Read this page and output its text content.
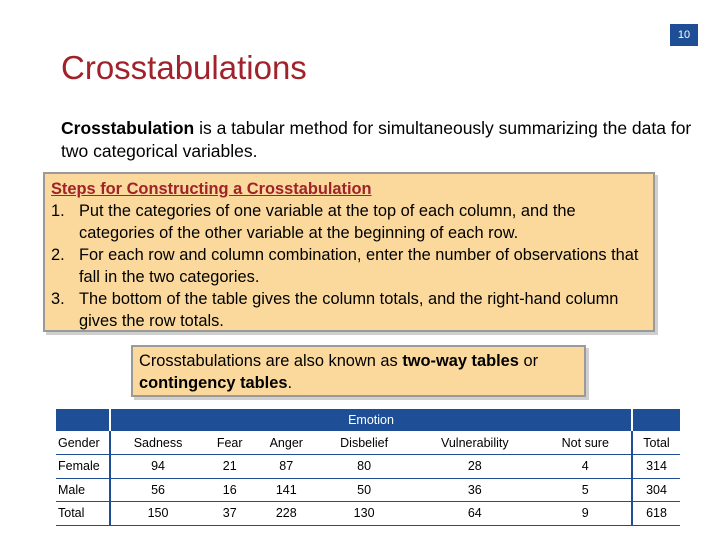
10
Crosstabulations
Crosstabulation is a tabular method for simultaneously summarizing the data for two categorical variables.
Steps for Constructing a Crosstabulation
1. Put the categories of one variable at the top of each column, and the categories of the other variable at the beginning of each row.
2. For each row and column combination, enter the number of observations that fall in the two categories.
3. The bottom of the table gives the column totals, and the right-hand column gives the row totals.
Crosstabulations are also known as two-way tables or contingency tables.
	Emotion						
Gender	Sadness	Fear	Anger	Disbelief	Vulnerability	Not sure	Total
Female	94	21	87	80	28	4	314
Male	56	16	141	50	36	5	304
Total	150	37	228	130	64	9	618
